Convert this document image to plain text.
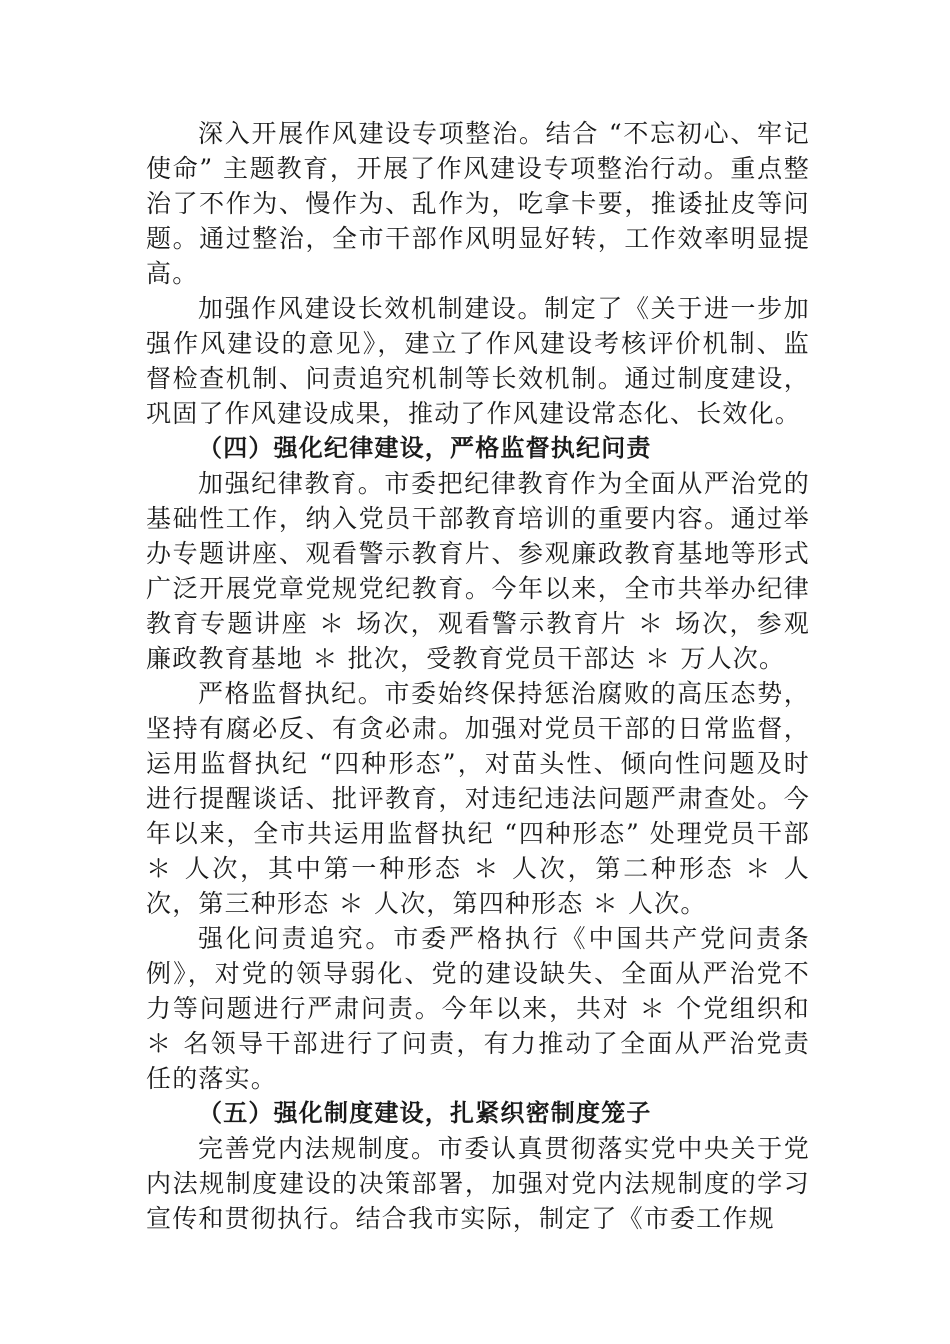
深入开展作风建设专项整治。结合 “不忘初心、牢记使命” 主题教育，开展了作风建设专项整治行动。重点整治了不作为、慢作为、乱作为，吃拿卡要，推诿扯皮等问题。通过整治，全市干部作风明显好转，工作效率明显提高。

加强作风建设长效机制建设。制定了《关于进一步加强作风建设的意见》，建立了作风建设考核评价机制、监督检查机制、问责追究机制等长效机制。通过制度建设，巩固了作风建设成果，推动了作风建设常态化、长效化。

（四）强化纪律建设，严格监督执纪问责

加强纪律教育。市委把纪律教育作为全面从严治党的基础性工作，纳入党员干部教育培训的重要内容。通过举办专题讲座、观看警示教育片、参观廉政教育基地等形式广泛开展党章党规党纪教育。今年以来，全市共举办纪律教育专题讲座 ＊ 场次，观看警示教育片 ＊ 场次，参观廉政教育基地 ＊ 批次，受教育党员干部达 ＊ 万人次。

严格监督执纪。市委始终保持惩治腐败的高压态势，坚持有腐必反、有贪必肃。加强对党员干部的日常监督，运用监督执纪 “四种形态”，对苗头性、倾向性问题及时进行提醒谈话、批评教育，对违纪违法问题严肃查处。今年以来，全市共运用监督执纪 “四种形态” 处理党员干部 ＊ 人次，其中第一种形态 ＊ 人次，第二种形态 ＊ 人次，第三种形态 ＊ 人次，第四种形态 ＊ 人次。

强化问责追究。市委严格执行《中国共产党问责条例》，对党的领导弱化、党的建设缺失、全面从严治党不力等问题进行严肃问责。今年以来，共对 ＊ 个党组织和 ＊ 名领导干部进行了问责，有力推动了全面从严治党责任的落实。

（五）强化制度建设，扎紧织密制度笼子

完善党内法规制度。市委认真贯彻落实党中央关于党内法规制度建设的决策部署，加强对党内法规制度的学习宣传和贯彻执行。结合我市实际，制定了《市委工作规
